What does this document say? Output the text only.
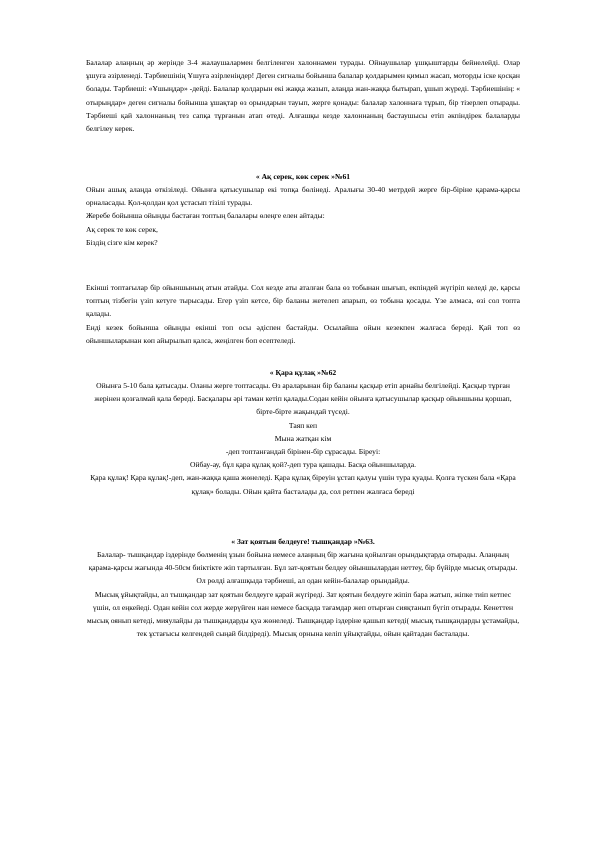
Балалар алаңның әр жерінде 3-4 жалаушалармен белгіленген халоннамен турады. Ойнаушылар ұшқыштарды бейнелейді. Олар ұшуға әзірленеді. Тәрбиешінің Ұшуға әзірленіңдер! Деген сигналы бойынша балалар қолдарымен қимыл жасап, моторды іске қосқан болады. Тәрбиеші: «Ұшыңдар» -дейді. Балалар қолдарын екі жаққа жазып, алаңда жан-жаққа бытырап, ұшып жүреді. Тәрбиешінің: « отырыңдар» деген сигналы бойынша ұшақтар өз орындарын тауып, жерге қонады: балалар халоннаға тұрып, бір тізерлеп отырады. Тәрбиеші қай халоннаның тез сапқа тұрғанын атап өтеді. Алғашқы кезде халоннаның бастаушысы етіп әкпіндірек балаларды белгілеу керек.

« Ақ серек, көк серек »№61

Ойын ашық алаңда өткізіледі. Ойынға қатысушылар екі топқа бөлінеді. Аралығы 30-40 метрдей жерге бір-біріне қарама-қарсы орналасады. Қол-қолдан қол ұстасып тізілі турады.

Жеребе бойынша ойынды бастаған топтың балалары өлеңге елен айтады:

Ақ серек те көк серек,

Біздің сізге кім керек?

Екінші топтағылар бір ойыншының атын атайды. Сол кезде аты аталған бала өз тобынан шығып, екпіндей жүгіріп келеді де, қарсы топтың тізбегін үзіп кетуге тырысады. Егер үзіп кетсе, бір баланы жетелеп апарып, өз тобына қосады. Үзе алмаса, өзі сол топта қалады.

Енді кезек бойынша ойынды екінші топ осы әдіспен бастайды. Осылайша ойын кезекпен жалғаса береді. Қай топ өз ойыншыларынан көп айырылып қалса, жеңілген боп есептеледі.

« Қара құлақ »№62

Ойынға 5-10 бала қатысады. Оланы жерге топтасады. Өз араларынан бір баланы қасқыр етіп арнайы белгілейді. Қасқыр тұрған жерінен қозғалмай қала береді. Басқалары әрі таман кетіп қалады.Содан кейін ойынға қатысушылар қасқыр ойыншыны қоршап, бірте-бірте жақындай түседі.

Таяп кеп

Мына жатқан кім

-деп топтанғандай бірінен-бір сұрасады. Біреуі:

Ойбау-ау, бұл қара құлақ қой?-деп тура қашады. Басқа ойыншыларда.

Қара құлақ! Қара құлақ!-деп, жан-жаққа қаша жөнеледі. Қара құлақ біреуін ұстап қалуы үшін тура қуады. Қолға түскен бала «Қара құлақ» болады. Ойын қайта басталады да, сол ретпен жалғаса береді

« Зат қоятын белдеуге! тышқандар »№63.

Балалар- тышқандар іздерінде бөлменің ұзын бойына немесе алаңның бір жағына қойылған орындықтарда отырады. Алаңның қарама-қарсы жағында 40-50см биіктікте жіп тартылған. Бұл зат-қоятын белдеу ойыншылардан неттеу, бір бүйірде мысық отырады. Ол рөлді алғашқыда тәрбиеші, ал одан кейін-балалар орындайды.

Мысық ұйықтайды, ал тышқандар зат қоятын белдеуге қарай жүгіреді. Зат қоятын белдеуге жіпіп бара жатып, жіпке тиіп кетпес үшін, ол еңкейеді. Одан кейін сол жерде жерүйген нан немесе басқада тағамдар жеп отырған сияқтанып бүгіп отырады. Кенеттен мысық оянып кетеді, мияулайды да тышқандарды қуа жөнеледі. Тышқандар іздеріне қашып кетеді( мысық тышқандарды ұстамайды, тек ұстағысы келгендей сыңай білдіреді). Мысық орнына келіп ұйықтайды, ойын қайтадан басталады.
